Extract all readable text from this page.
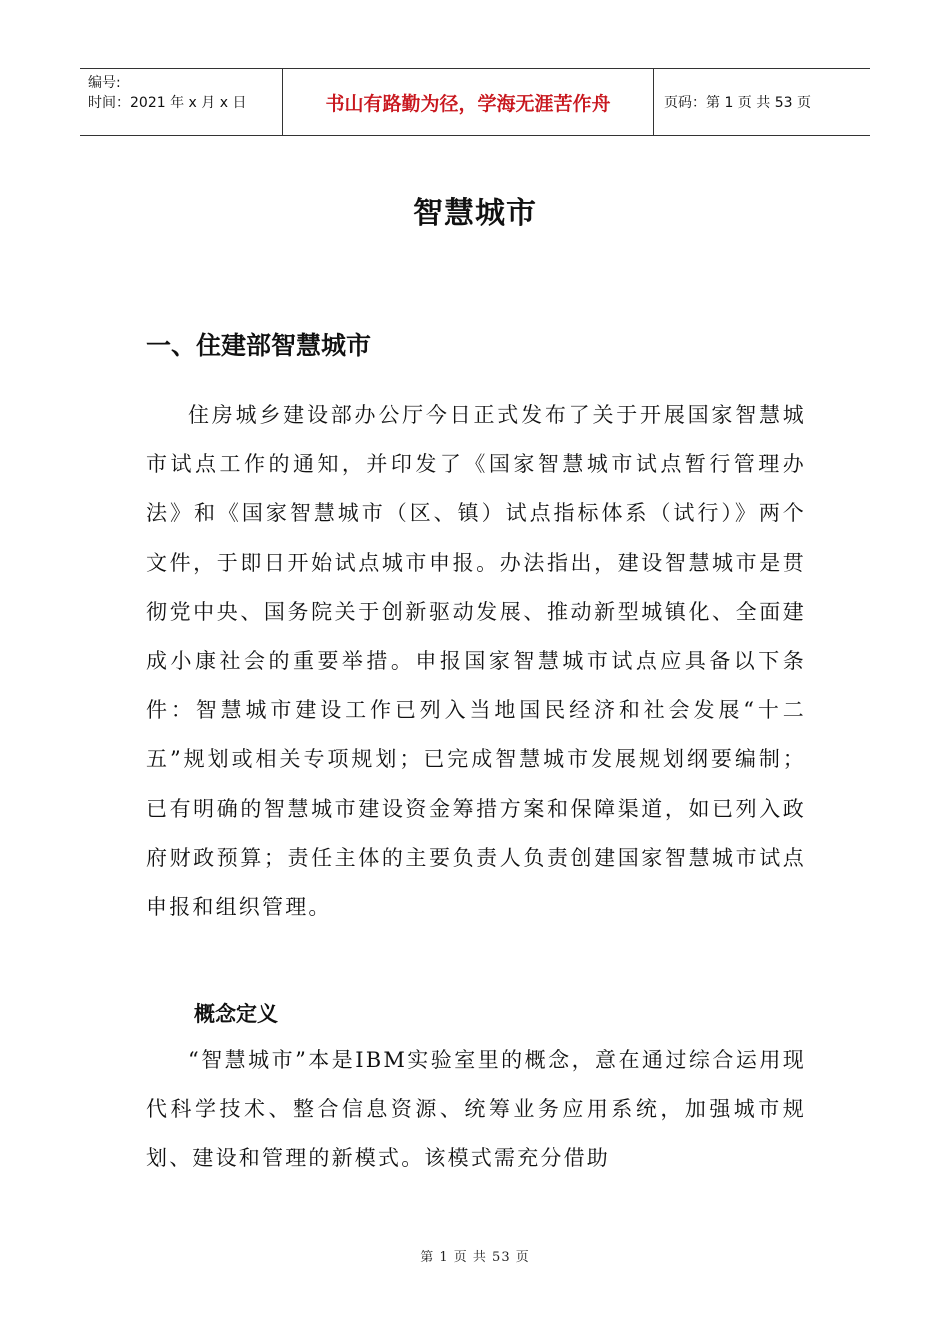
编号:
时间：2021 年 x 月 x 日	书山有路勤为径，学海无涯苦作舟	页码：第 1 页 共 53 页
智慧城市
一、住建部智慧城市

住房城乡建设部办公厅今日正式发布了关于开展国家智慧城市试点工作的通知，并印发了《国家智慧城市试点暂行管理办法》和《国家智慧城市（区、镇）试点指标体系（试行）》两个文件，于即日开始试点城市申报。办法指出，建设智慧城市是贯彻党中央、国务院关于创新驱动发展、推动新型城镇化、全面建成小康社会的重要举措。申报国家智慧城市试点应具备以下条件：智慧城市建设工作已列入当地国民经济和社会发展“十二五”规划或相关专项规划；已完成智慧城市发展规划纲要编制；已有明确的智慧城市建设资金筹措方案和保障渠道，如已列入政府财政预算；责任主体的主要负责人负责创建国家智慧城市试点申报和组织管理。

概念定义

“智慧城市”本是IBM实验室里的概念，意在通过综合运用现代科学技术、整合信息资源、统筹业务应用系统，加强城市规划、建设和管理的新模式。该模式需充分借助

第 1 页 共 53 页
